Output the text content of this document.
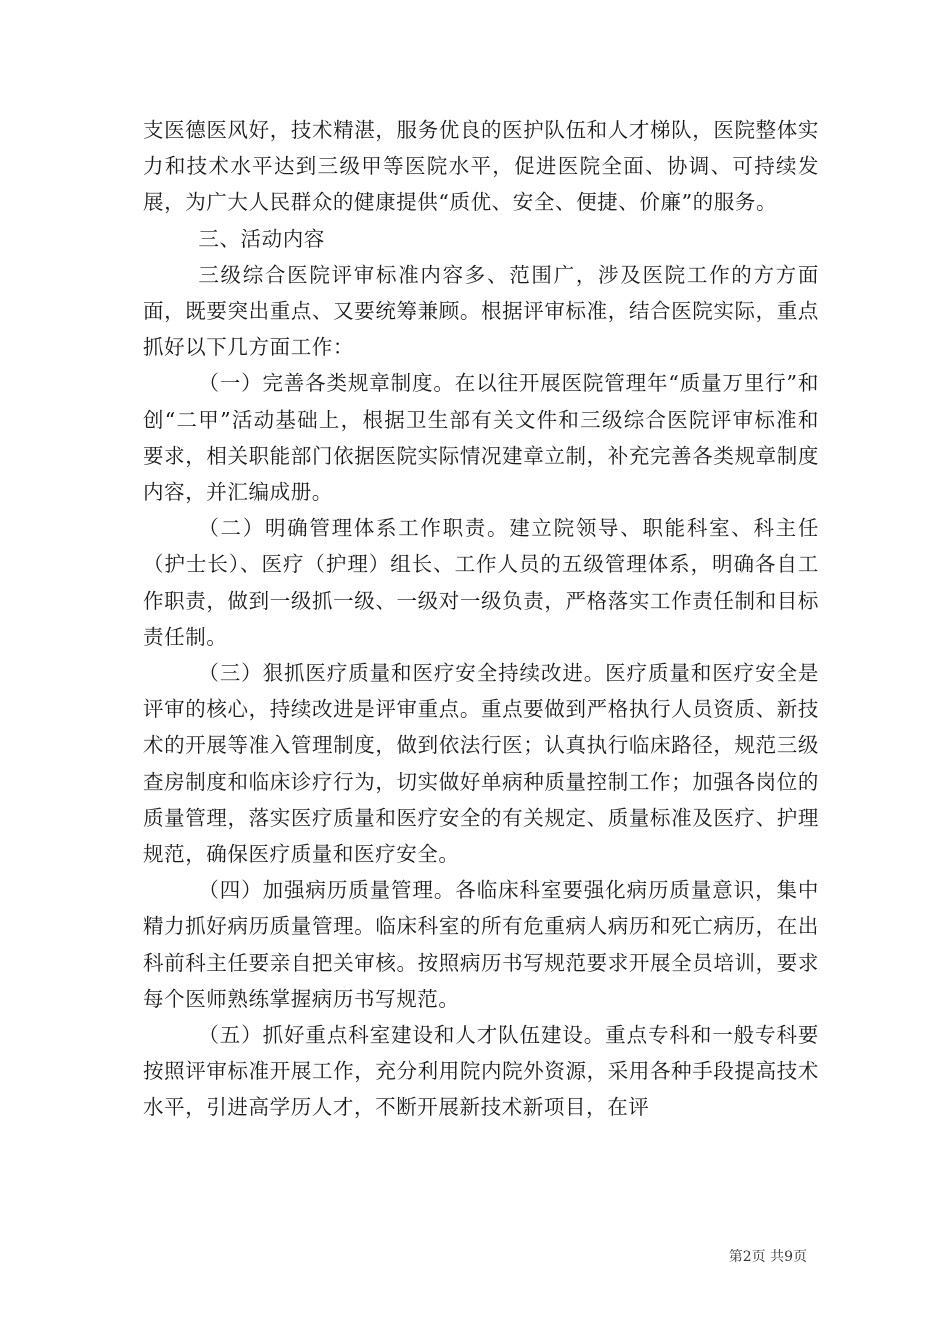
支医德医风好，技术精湛，服务优良的医护队伍和人才梯队，医院整体实力和技术水平达到三级甲等医院水平，促进医院全面、协调、可持续发展，为广大人民群众的健康提供“质优、安全、便捷、价廉”的服务。

三、活动内容

三级综合医院评审标准内容多、范围广，涉及医院工作的方方面面，既要突出重点、又要统筹兼顾。根据评审标准，结合医院实际，重点抓好以下几方面工作：

（一）完善各类规章制度。在以往开展医院管理年“质量万里行”和创“二甲”活动基础上，根据卫生部有关文件和三级综合医院评审标准和要求，相关职能部门依据医院实际情况建章立制，补充完善各类规章制度内容，并汇编成册。

（二）明确管理体系工作职责。建立院领导、职能科室、科主任（护士长）、医疗（护理）组长、工作人员的五级管理体系，明确各自工作职责，做到一级抓一级、一级对一级负责，严格落实工作责任制和目标责任制。

（三）狠抓医疗质量和医疗安全持续改进。医疗质量和医疗安全是评审的核心，持续改进是评审重点。重点要做到严格执行人员资质、新技术的开展等准入管理制度，做到依法行医；认真执行临床路径，规范三级查房制度和临床诊疗行为，切实做好单病种质量控制工作；加强各岗位的质量管理，落实医疗质量和医疗安全的有关规定、质量标准及医疗、护理规范，确保医疗质量和医疗安全。

（四）加强病历质量管理。各临床科室要强化病历质量意识，集中精力抓好病历质量管理。临床科室的所有危重病人病历和死亡病历，在出科前科主任要亲自把关审核。按照病历书写规范要求开展全员培训，要求每个医师熟练掌握病历书写规范。

（五）抓好重点科室建设和人才队伍建设。重点专科和一般专科要按照评审标准开展工作，充分利用院内院外资源，采用各种手段提高技术水平，引进高学历人才，不断开展新技术新项目，在评

第2页 共9页
